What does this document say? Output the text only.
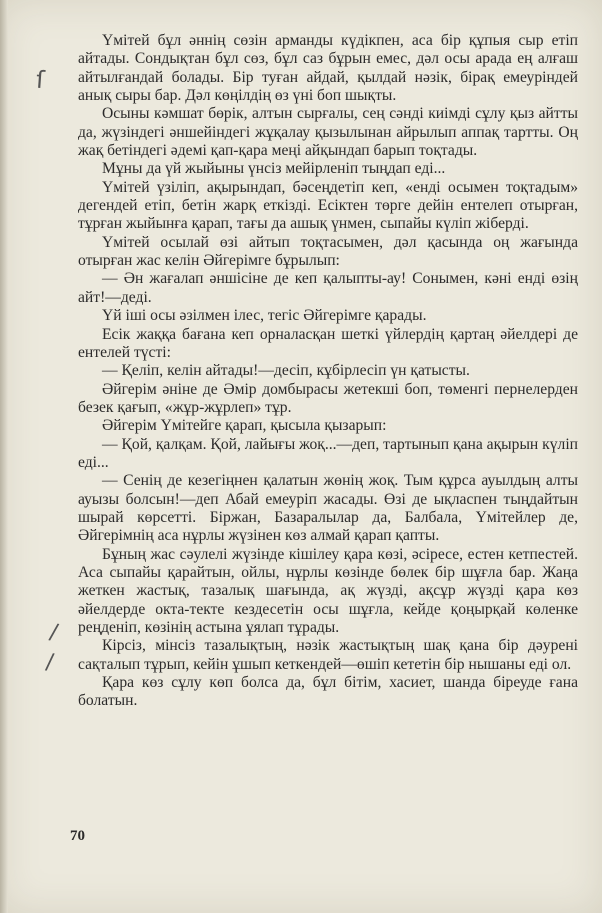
ſ
/
/

Үмітей бұл әннің сөзін арманды күдікпен, аса бір құпыя сыр етіп айтады. Сондықтан бұл сөз, бұл саз бұрын емес, дәл осы арада ең алғаш айтылғандай болады. Бір туған айдай, қылдай нәзік, бірақ емеуріндей анық сыры бар. Дәл көңілдің өз үні боп шықты.

Осыны кәмшат бөрік, алтын сырғалы, сең сәнді киімді сұлу қыз айтты да, жүзіндегі әншейіндегі жұқалау қызылынан айрылып аппақ тартты. Оң жақ бетіндегі әдемі қап-қара меңі айқындап барып тоқтады.

Мұны да үй жыйыны үнсіз мейірленіп тыңдап еді...

Үмітей үзіліп, ақырындап, бәсеңдетіп кеп, «енді осымен тоқтадым» дегендей етіп, бетін жарқ еткізді. Есіктен төрге дейін ентелеп отырған, тұрған жыйынға қарап, тағы да ашық үнмен, сыпайы күліп жіберді.

Үмітей осылай өзі айтып тоқтасымен, дәл қасында оң жағында отырған жас келін Әйгерімге бұрылып:

— Ән жағалап әншісіне де кеп қалыпты-ау! Сонымен, кәні енді өзің айт!—деді.

Үй іші осы әзілмен ілес, тегіс Әйгерімге қарады.

Есік жаққа бағана кеп орналасқан шеткі үйлердің қартаң әйелдері де ентелей түсті:

— Қеліп, келін айтады!—десіп, кұбірлесіп үн қатысты.

Әйгерім әніне де Әмір домбырасы жетекші боп, төменгі пернелерден безек қағып, «жұр-жұрлеп» тұр.

Әйгерім Үмітейге қарап, қысыла қызарып:

— Қой, қалқам. Қой, лайығы жоқ...—деп, тартынып қана ақырын күліп еді...

— Сенің де кезегіңнен қалатын жөнің жоқ. Тым құрса ауылдың алты ауызы болсын!—деп Абай емеуріп жасады. Өзі де ықласпен тыңдайтын шырай көрсетті. Біржан, Базаралылар да, Балбала, Үмітейлер де, Әйгерімнің аса нұрлы жүзінен көз алмай қарап қапты.

Бұның жас сәулелі жүзінде кішілеу қара көзі, әсіресе, естен кетпестей. Аса сыпайы қарайтын, ойлы, нұрлы көзінде бөлек бір шұғла бар. Жаңа жеткен жастық, тазалық шағында, ақ жүзді, ақсұр жүзді қара көз әйелдерде окта-текте кездесетін осы шұғла, кейде қоңырқай көленке реңденіп, көзінің астына ұялап тұрады.

Кірсіз, мінсіз тазалықтың, нәзік жастықтың шақ қана бір дәуренi сақталып тұрып, кейін ұшып кеткендей—өшіп кететін бір нышаны еді ол.

Қара көз сұлу көп болса да, бұл бітім, хасиет, шанда біреуде ғана болатын.

70
